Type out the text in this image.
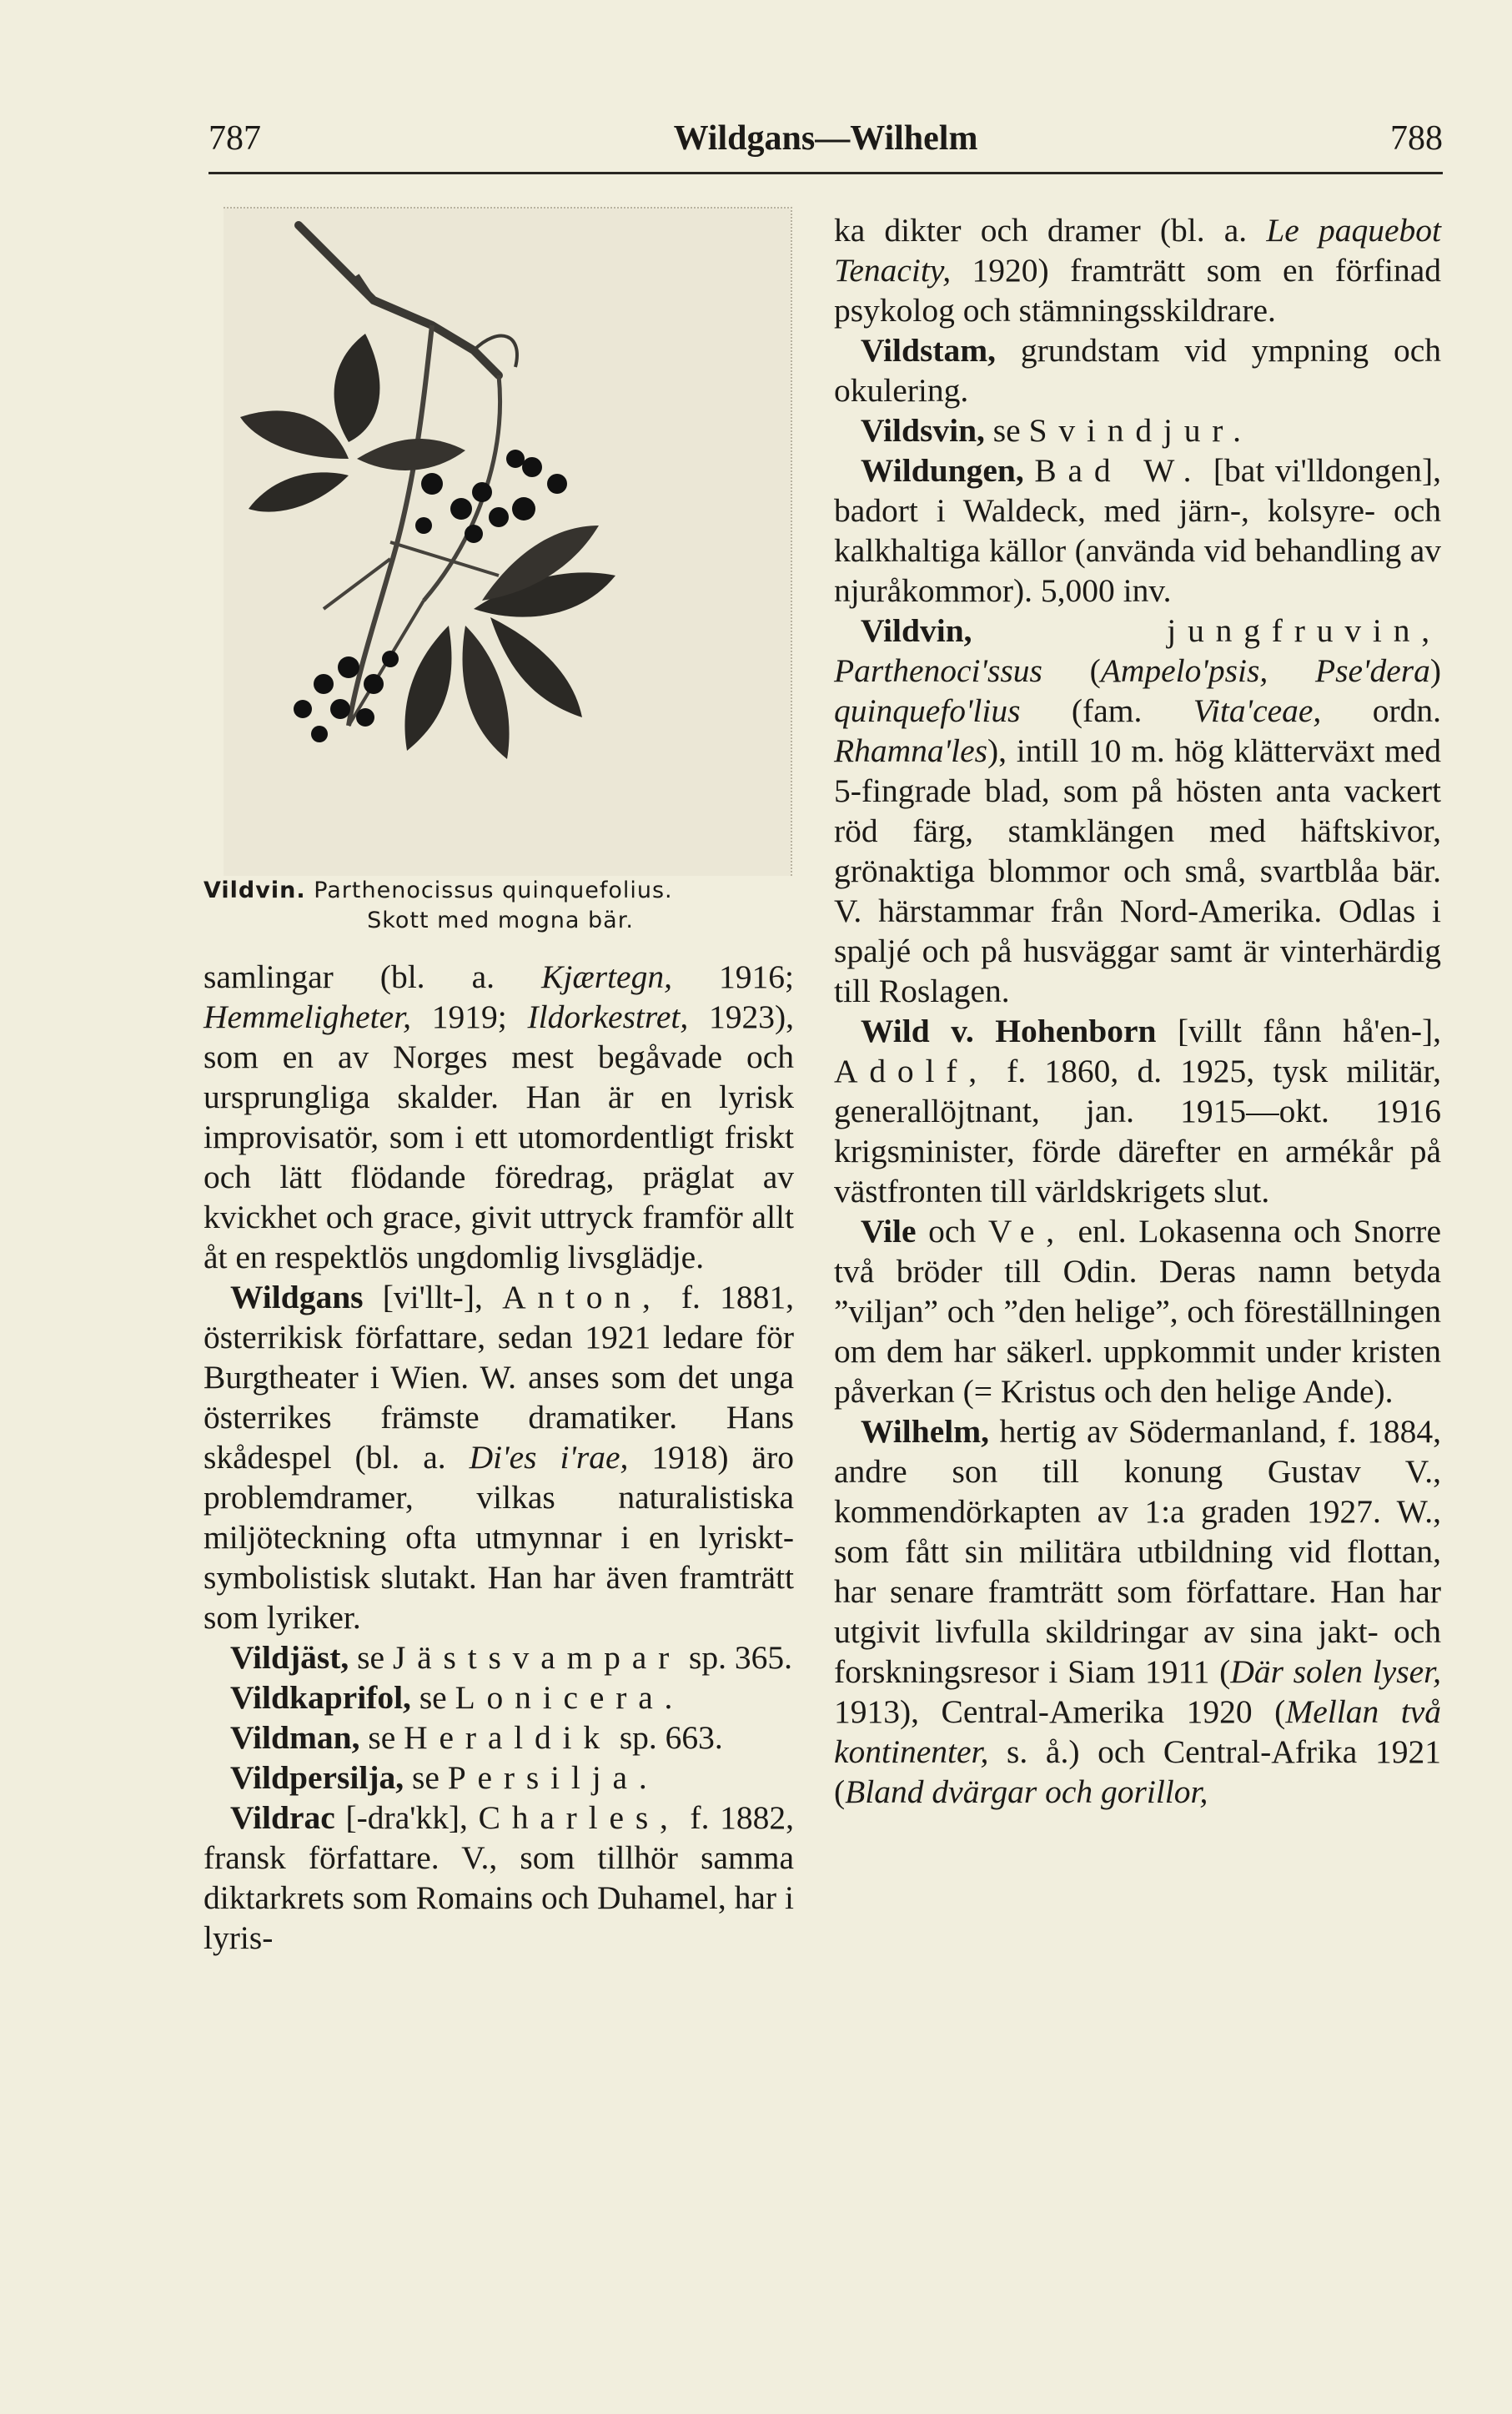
787	Wildgans—Wilhelm	788
Vildvin. Parthenocissus quinquefolius.
Skott med mogna bär.

samlingar (bl. a. Kjærtegn, 1916; Hemmeligheter, 1919; Ildorkestret, 1923), som en av Norges mest begåvade och ursprungliga skalder. Han är en lyrisk improvisatör, som i ett utomordentligt friskt och lätt flödande föredrag, präglat av kvickhet och grace, givit uttryck framför allt åt en respektlös ungdomlig livsglädje.

Wildgans [vi'llt-], Anton, f. 1881, österrikisk författare, sedan 1921 ledare för Burgtheater i Wien. W. anses som det unga österrikes främste dramatiker. Hans skådespel (bl. a. Di'es i'rae, 1918) äro problemdramer, vilkas naturalistiska miljöteckning ofta utmynnar i en lyriskt-symbolistisk slutakt. Han har även framträtt som lyriker.

Vildjäst, se Jästsvampar sp. 365.

Vildkaprifol, se Lonicera.

Vildman, se Heraldik sp. 663.

Vildpersilja, se Persilja.

Vildrac [-dra'kk], Charles, f. 1882, fransk författare. V., som tillhör samma diktarkrets som Romains och Duhamel, har i lyris-

ka dikter och dramer (bl. a. Le paquebot Tenacity, 1920) framträtt som en förfinad psykolog och stämningsskildrare.

Vildstam, grundstam vid ympning och okulering.

Vildsvin, se Svindjur.

Wildungen, Bad W. [bat vi'lldongen], badort i Waldeck, med järn-, kolsyre- och kalkhaltiga källor (använda vid behandling av njuråkommor). 5,000 inv.

Vildvin,	jungfruvin, Parthenoci'ssus (Ampelo'psis, Pse'dera) quinquefo'lius (fam. Vita'ceae, ordn. Rhamna'les), intill 10 m. hög klätterväxt med 5-fingrade blad, som på hösten anta vackert röd färg, stamklängen med häftskivor, grönaktiga blommor och små, svartblåa bär. V. härstammar från Nord-Amerika. Odlas i spaljé och på husväggar samt är vinterhärdig till Roslagen.

Wild v. Hohenborn [villt fånn hå'en-], Adolf, f. 1860, d. 1925, tysk militär, generallöjtnant, jan. 1915—okt. 1916 krigsminister, förde därefter en armékår på västfronten till världskrigets slut.

Vile och Ve, enl. Lokasenna och Snorre två bröder till Odin. Deras namn betyda ”viljan” och ”den helige”, och föreställningen om dem har säkerl. uppkommit under kristen påverkan (= Kristus och den helige Ande).

Wilhelm, hertig av Södermanland, f. 1884, andre son till konung Gustav V., kommendörkapten av 1:a graden 1927. W., som fått sin militära utbildning vid flottan, har senare framträtt som författare. Han har utgivit livfulla skildringar av sina jakt- och forskningsresor i Siam 1911 (Där solen lyser, 1913), Central-Amerika 1920 (Mellan två kontinenter, s. å.) och Central-Afrika 1921 (Bland dvärgar och gorillor,
